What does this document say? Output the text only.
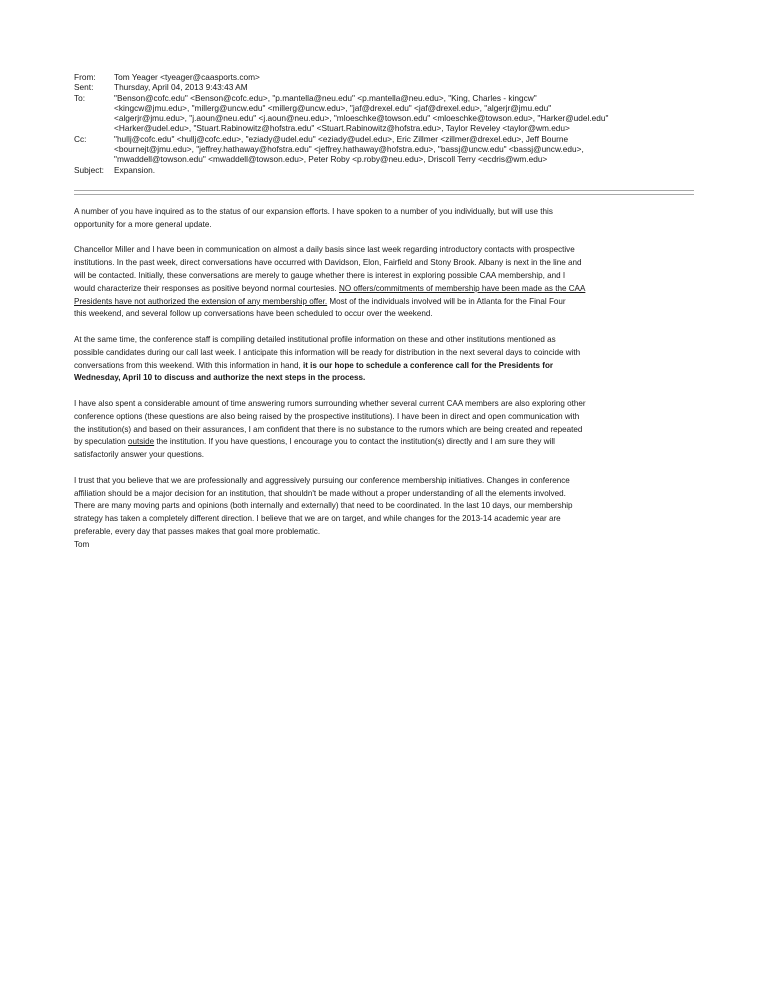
From:	Tom Yeager <tyeager@caasports.com>
Sent:	Thursday, April 04, 2013 9:43:43 AM
To:	"Benson@cofc.edu" <Benson@cofc.edu>, "p.mantella@neu.edu" <p.mantella@neu.edu>, "King, Charles - kingcw"
<kingcw@jmu.edu>, "millerg@uncw.edu" <millerg@uncw.edu>, "jaf@drexel.edu" <jaf@drexel.edu>, "algerjr@jmu.edu"
<algerjr@jmu.edu>, "j.aoun@neu.edu" <j.aoun@neu.edu>, "mloeschke@towson.edu" <mloeschke@towson.edu>, "Harker@udel.edu"
<Harker@udel.edu>, "Stuart.Rabinowitz@hofstra.edu" <Stuart.Rabinowitz@hofstra.edu>, Taylor Reveley <taylor@wm.edu>
Cc:	"hullj@cofc.edu" <hullj@cofc.edu>, "eziady@udel.edu" <eziady@udel.edu>, Eric Zillmer <zillmer@drexel.edu>, Jeff Bourne
<bournejt@jmu.edu>, "jeffrey.hathaway@hofstra.edu" <jeffrey.hathaway@hofstra.edu>, "bassj@uncw.edu" <bassj@uncw.edu>,
"mwaddell@towson.edu" <mwaddell@towson.edu>, Peter Roby <p.roby@neu.edu>, Driscoll Terry <ecdris@wm.edu>
Subject:	Expansion.
A number of you have inquired as to the status of our expansion efforts. I have spoken to a number of you individually, but will use this
opportunity for a more general update.
Chancellor Miller and I have been in communication on almost a daily basis since last week regarding introductory contacts with prospective
institutions. In the past week, direct conversations have occurred with Davidson, Elon, Fairfield and Stony Brook. Albany is next in the line and
will be contacted. Initially, these conversations are merely to gauge whether there is interest in exploring possible CAA membership, and I
would characterize their responses as positive beyond normal courtesies. NO offers/commitments of membership have been made as the CAA
Presidents have not authorized the extension of any membership offer. Most of the individuals involved will be in Atlanta for the Final Four
this weekend, and several follow up conversations have been scheduled to occur over the weekend.
At the same time, the conference staff is compiling detailed institutional profile information on these and other institutions mentioned as
possible candidates during our call last week. I anticipate this information will be ready for distribution in the next several days to coincide with
conversations from this weekend. With this information in hand, it is our hope to schedule a conference call for the Presidents for
Wednesday, April 10 to discuss and authorize the next steps in the process.
I have also spent a considerable amount of time answering rumors surrounding whether several current CAA members are also exploring other
conference options (these questions are also being raised by the prospective institutions). I have been in direct and open communication with
the institution(s) and based on their assurances, I am confident that there is no substance to the rumors which are being created and repeated
by speculation outside the institution. If you have questions, I encourage you to contact the institution(s) directly and I am sure they will
satisfactorily answer your questions.
I trust that you believe that we are professionally and aggressively pursuing our conference membership initiatives. Changes in conference
affiliation should be a major decision for an institution, that shouldn't be made without a proper understanding of all the elements involved.
There are many moving parts and opinions (both internally and externally) that need to be coordinated. In the last 10 days, our membership
strategy has taken a completely different direction. I believe that we are on target, and while changes for the 2013-14 academic year are
preferable, every day that passes makes that goal more problematic.
Tom
